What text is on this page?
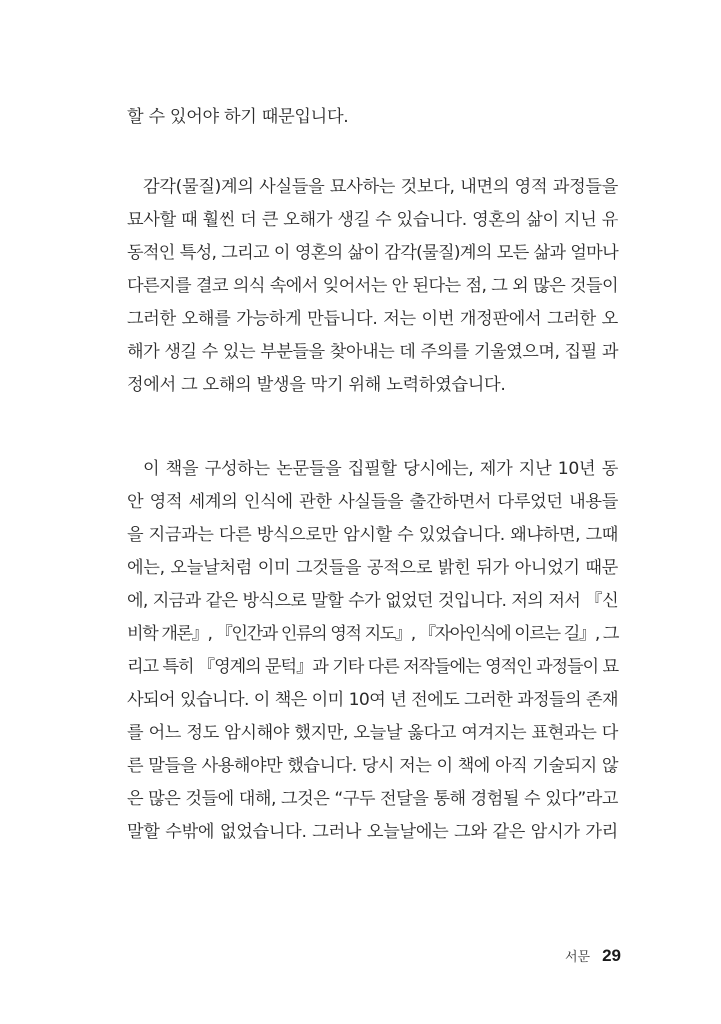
할 수 있어야 하기 때문입니다.
감각(물질)계의 사실들을 묘사하는 것보다, 내면의 영적 과정들을
묘사할 때 훨씬 더 큰 오해가 생길 수 있습니다. 영혼의 삶이 지닌 유
동적인 특성, 그리고 이 영혼의 삶이 감각(물질)계의 모든 삶과 얼마나
다른지를 결코 의식 속에서 잊어서는 안 된다는 점, 그 외 많은 것들이
그러한 오해를 가능하게 만듭니다. 저는 이번 개정판에서 그러한 오
해가 생길 수 있는 부분들을 찾아내는 데 주의를 기울였으며, 집필 과
정에서 그 오해의 발생을 막기 위해 노력하였습니다.
이 책을 구성하는 논문들을 집필할 당시에는, 제가 지난 10년 동
안 영적 세계의 인식에 관한 사실들을 출간하면서 다루었던 내용들
을 지금과는 다른 방식으로만 암시할 수 있었습니다. 왜냐하면, 그때
에는, 오늘날처럼 이미 그것들을 공적으로 밝힌 뒤가 아니었기 때문
에, 지금과 같은 방식으로 말할 수가 없었던 것입니다. 저의 저서 『신
비학 개론』, 『인간과 인류의 영적 지도』, 『자아인식에 이르는 길』, 그
리고 특히 『영계의 문턱』과 기타 다른 저작들에는 영적인 과정들이 묘
사되어 있습니다. 이 책은 이미 10여 년 전에도 그러한 과정들의 존재
를 어느 정도 암시해야 했지만, 오늘날 옳다고 여겨지는 표현과는 다
른 말들을 사용해야만 했습니다. 당시 저는 이 책에 아직 기술되지 않
은 많은 것들에 대해, 그것은 “구두 전달을 통해 경험될 수 있다”라고
말할 수밖에 없었습니다. 그러나 오늘날에는 그와 같은 암시가 가리
서문 29
